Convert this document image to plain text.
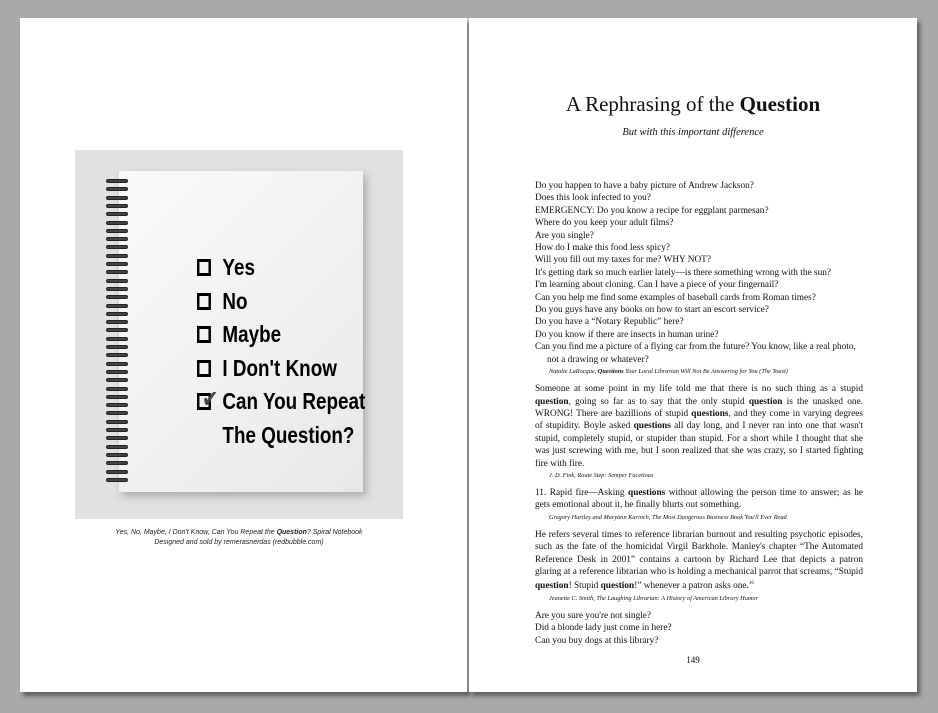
Yes
No
Maybe
I Don't Know
✔ Can You Repeat
The Question?
Yes, No, Maybe, I Don't Know, Can You Repeat the Question? Spiral Notebook
Designed and sold by remerasnerdas (redbubble.com)
A Rephrasing of the Question
But with this important difference

Do you happen to have a baby picture of Andrew Jackson?

Does this look infected to you?

EMERGENCY: Do you know a recipe for eggplant parmesan?

Where do you keep your adult films?

Are you single?

How do I make this food less spicy?

Will you fill out my taxes for me? WHY NOT?

It's getting dark so much earlier lately—is there something wrong with the sun?

I'm learning about cloning. Can I have a piece of your fingernail?

Can you help me find some examples of baseball cards from Roman times?

Do you guys have any books on how to start an escort service?

Do you have a “Notary Republic” here?

Do you know if there are insects in human urine?

Can you find me a picture of a flying car from the future? You know, like a real photo, not a drawing or whatever?

Natalie LaRocque, Questions Your Local Librarian Will Not Be Answering for You (The Toast)

Someone at some point in my life told me that there is no such thing as a stupid question, going so far as to say that the only stupid question is the unasked one. WRONG! There are bazillions of stupid questions, and they come in varying degrees of stupidity. Boyle asked questions all day long, and I never ran into one that wasn't stupid, completely stupid, or stupider than stupid. For a short while I thought that she was just screwing with me, but I soon realized that she was crazy, so I started fighting fire with fire.

J. D. Fink, Route Step: Semper Facetious

11. Rapid fire—Asking questions without allowing the person time to answer; as he gets emotional about it, he finally blurts out something.

Gregory Hartley and Maryann Karinch, The Most Dangerous Business Book You'll Ever Read

He refers several times to reference librarian burnout and resulting psychotic episodes, such as the fate of the homicidal Virgil Barkhole. Manley's chapter “The Automated Reference Desk in 2001” contains a cartoon by Richard Lee that depicts a patron glaring at a reference librarian who is holding a mechanical parrot that screams, “Stupid question! Stupid question!” whenever a patron asks one.$^{16}$

Jeanette C. Smith, The Laughing Librarian: A History of American Library Humor

Are you sure you're not single?

Did a blonde lady just come in here?

Can you buy dogs at this library?

149
